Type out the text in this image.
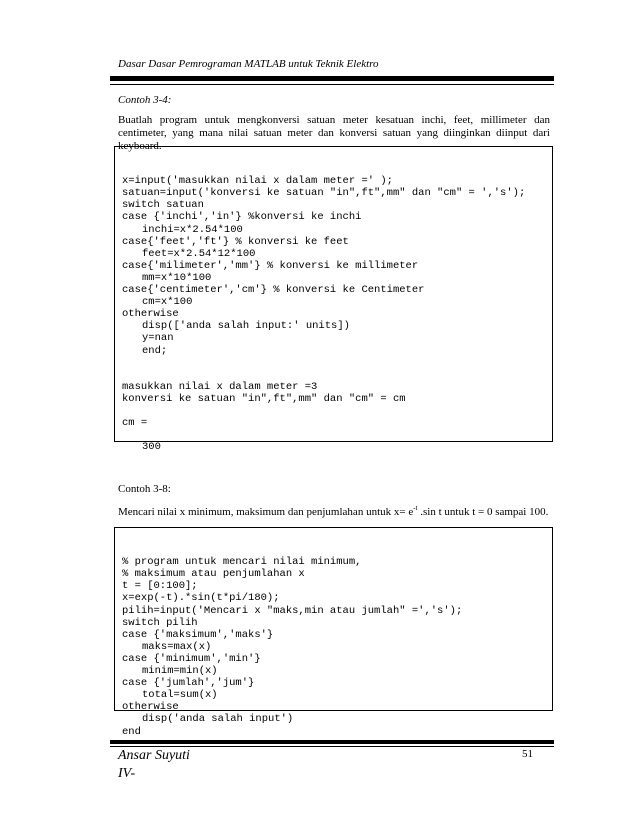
Dasar Dasar Pemrograman MATLAB untuk Teknik Elektro
Contoh 3-4:
Buatlah program untuk mengkonversi satuan meter kesatuan inchi, feet, millimeter dan centimeter, yang mana nilai satuan meter dan konversi satuan yang diinginkan diinput dari keyboard.

x=input('masukkan nilai x dalam meter =' );
satuan=input('konversi ke satuan "in",ft",mm" dan "cm" = ','s');
switch satuan
case {'inchi','in'} %konversi ke inchi
inchi=x*2.54*100
case{'feet','ft'} % konversi ke feet
feet=x*2.54*12*100
case{'milimeter','mm'} % konversi ke millimeter
mm=x*10*100
case{'centimeter','cm'} % konversi ke Centimeter
cm=x*100
otherwise
disp(['anda salah input:' units])
y=nan
end;
masukkan nilai x dalam meter =3
konversi ke satuan "in",ft",mm" dan "cm" = cm
cm =
300

Contoh 3-8:
Mencari nilai x minimum, maksimum dan penjumlahan untuk $x= e^{-t}$ .sin t untuk t = 0 sampai 100.

% program untuk mencari nilai minimum,
% maksimum atau penjumlahan x
t = [0:100];
x=exp(-t).*sin(t*pi/180);
pilih=input('Mencari x "maks,min atau jumlah" =','s');
switch pilih
case {'maksimum','maks'}
maks=max(x)
case {'minimum','min'}
minim=min(x)
case {'jumlah','jum'}
total=sum(x)
otherwise
disp('anda salah input')
end

Ansar Suyuti
IV-
51
